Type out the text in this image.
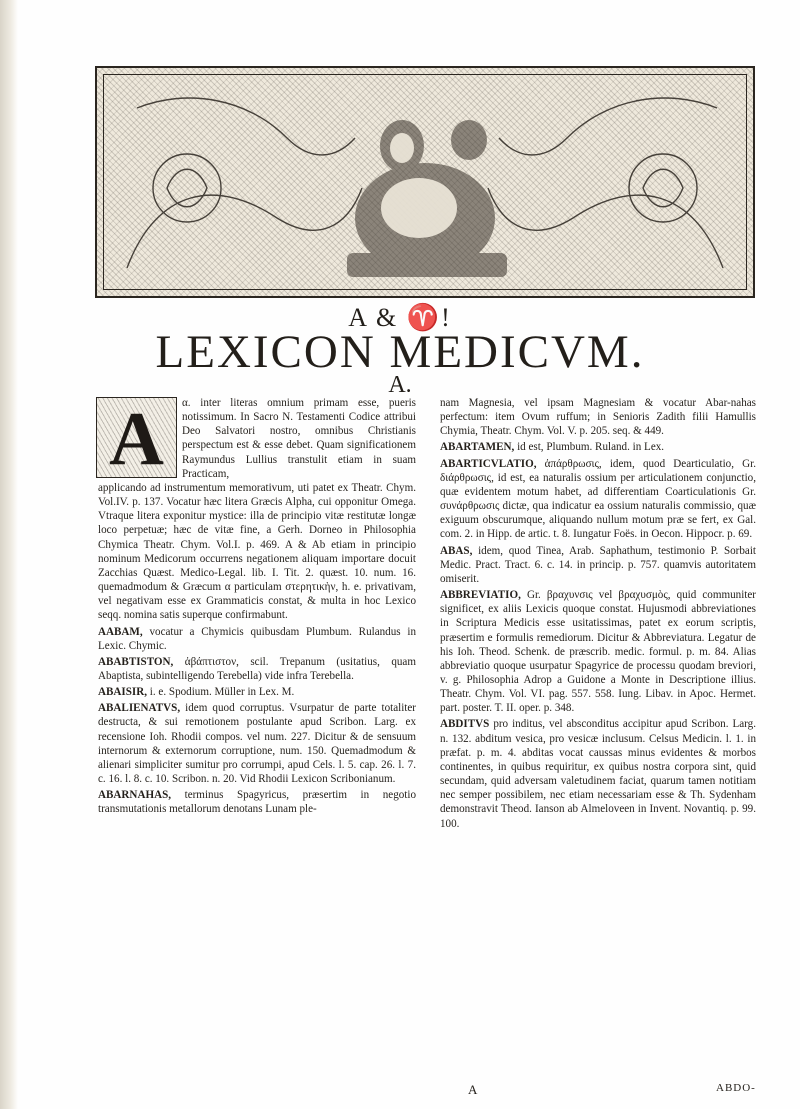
A & ♈!
LEXICON MEDICVM.
A.
A	α. inter literas omnium primam esse, pueris notissimum. In Sacro N. Testamenti Codice attribui Deo Salvatori nostro, omnibus Christianis perspectum est & esse debet. Quam significationem Raymundus Lullius transtulit etiam in suam Practicam,

applicando ad instrumentum memorativum, uti patet ex Theatr. Chym. Vol.IV. p. 137. Vocatur hæc litera Græcis Alpha, cui opponitur Omega. Vtraque litera exponitur mystice: illa de principio vitæ restitutæ longæ loco perpetuæ; hæc de vitæ fine, a Gerh. Dorneo in Philosophia Chymica Theatr. Chym. Vol.I. p. 469. A & Ab etiam in principio nominum Medicorum occurrens negationem aliquam importare docuit Zacchias Quæst. Medico-Legal. lib. I. Tit. 2. quæst. 10. num. 16. quemadmodum & Græcum α particulam στερητικὴν, h. e. privativam, vel negativam esse ex Grammaticis constat, & multa in hoc Lexico seqq. nomina satis superque confirmabunt.

AABAM, vocatur a Chymicis quibusdam Plumbum. Rulandus in Lexic. Chymic.

ABABTISTON, ἀβάπτιστον, scil. Trepanum (usitatius, quam Abaptista, subintelligendo Terebella) vide infra Terebella.

ABAISIR, i. e. Spodium. Müller in Lex. M.

ABALIENATVS, idem quod corruptus. Vsurpatur de parte totaliter destructa, & sui remotionem postulante apud Scribon. Larg. ex recensione Ioh. Rhodii compos. vel num. 227. Dicitur & de sensuum internorum & externorum corruptione, num. 150. Quemadmodum & alienari simpliciter sumitur pro corrumpi, apud Cels. l. 5. cap. 26. l. 7. c. 16. l. 8. c. 10. Scribon. n. 20. Vid Rhodii Lexicon Scribonianum.

ABARNAHAS, terminus Spagyricus, præsertim in negotio transmutationis metallorum denotans Lunam ple-

nam Magnesia, vel ipsam Magnesiam & vocatur Abar-nahas perfectum: item Ovum ruffum; in Senioris Zadith filii Hamullis Chymia, Theatr. Chym. Vol. V. p. 205. seq. & 449.

ABARTAMEN, id est, Plumbum. Ruland. in Lex.

ABARTICVLATIO, ἀπάρθρωσις, idem, quod Dearticulatio, Gr. διάρθρωσις, id est, ea naturalis ossium per articulationem conjunctio, quæ evidentem motum habet, ad differentiam Coarticulationis Gr. συνάρθρωσις dictæ, qua indicatur ea ossium naturalis commissio, quæ exiguum obscurumque, aliquando nullum motum præ se fert, ex Gal. com. 2. in Hipp. de artic. t. 8. Iungatur Foës. in Oecon. Hippocr. p. 69.

ABAS, idem, quod Tinea, Arab. Saphathum, testimonio P. Sorbait Medic. Pract. Tract. 6. c. 14. in princip. p. 757. quamvis autoritatem omiserit.

ABBREVIATIO, Gr. βραχυνσις vel βραχυσμὸς, quid communiter significet, ex aliis Lexicis quoque constat. Hujusmodi abbreviationes in Scriptura Medicis esse usitatissimas, patet ex eorum scriptis, præsertim e formulis remediorum. Dicitur & Abbreviatura. Legatur de his Ioh. Theod. Schenk. de præscrib. medic. formul. p. m. 84. Alias abbreviatio quoque usurpatur Spagyrice de processu quodam breviori, v. g. Philosophia Adrop a Guidone a Monte in Descriptione illius. Theatr. Chym. Vol. VI. pag. 557. 558. Iung. Libav. in Apoc. Hermet. part. poster. T. II. oper. p. 348.

ABDITVS pro inditus, vel absconditus accipitur apud Scribon. Larg. n. 132. abditum vesica, pro vesicæ inclusum. Celsus Medicin. l. 1. in præfat. p. m. 4. abditas vocat caussas minus evidentes & morbos continentes, in quibus requiritur, ex quibus nostra corpora sint, quid secundam, quid adversam valetudinem faciat, quarum tamen notitiam nec semper possibilem, nec etiam necessariam esse & Th. Sydenham demonstravit Theod. Ianson ab Almeloveen in Invent. Novantiq. p. 99. 100.

A	ABDO-
